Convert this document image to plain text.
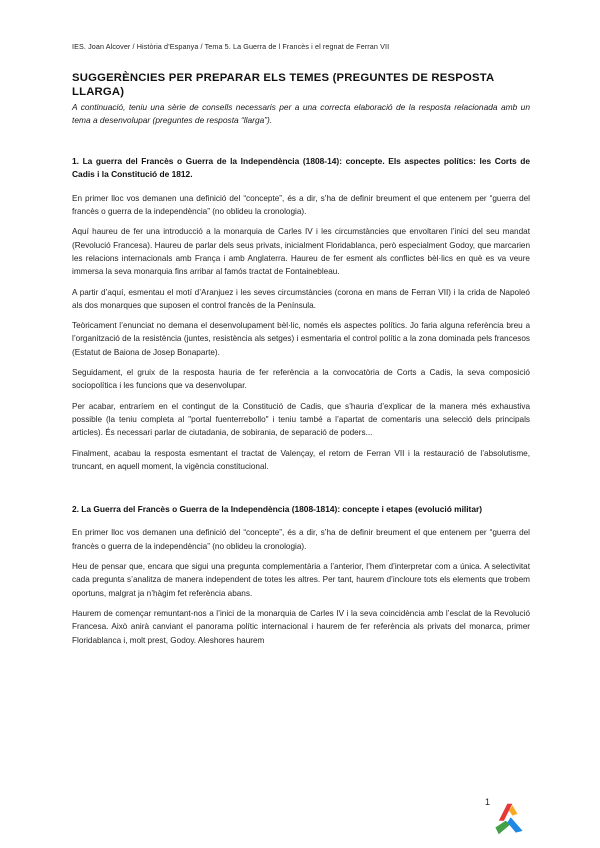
IES. Joan Alcover / Història d’Espanya / Tema 5. La Guerra de l Francès i el regnat de Ferran VII
SUGGERÈNCIES PER PREPARAR ELS TEMES (PREGUNTES DE RESPOSTA LLARGA)

A continuació, teniu una sèrie de consells necessaris per a una correcta elaboració de la resposta relacionada amb un tema a desenvolupar (preguntes de resposta “llarga”).

1. La guerra del Francès o Guerra de la Independència (1808-14): concepte. Els aspectes polítics: les Corts de Cadis i la Constitució de 1812.

En primer lloc vos demanen una definició del “concepte”, és a dir, s’ha de definir breument el que entenem per “guerra del francès o guerra de la independència” (no oblideu la cronologia).

Aquí haureu de fer una introducció a la monarquia de Carles IV i les circumstàncies que envoltaren l’inici del seu mandat (Revolució Francesa). Haureu de parlar dels seus privats, inicialment Floridablanca, però especialment Godoy, que marcarien les relacions internacionals amb França i amb Anglaterra. Haureu de fer esment als conflictes bèl·lics en què es va veure immersa la seva monarquia fins arribar al famós tractat de Fontainebleau.

A partir d’aquí, esmentau el motí d’Aranjuez i les seves circumstàncies (corona en mans de Ferran VII) i la crida de Napoleó als dos monarques que suposen el control francès de la Península.

Teòricament l’enunciat no demana el desenvolupament bèl·lic, només els aspectes polítics. Jo faria alguna referència breu a l’organització de la resistència (juntes, resistència als setges) i esmentaria el control polític a la zona dominada pels francesos (Estatut de Baiona de Josep Bonaparte).

Seguidament, el gruix de la resposta hauria de fer referència a la convocatòria de Corts a Cadis, la seva composició sociopolítica i les funcions que va desenvolupar.

Per acabar, entraríem en el contingut de la Constitució de Cadis, que s’hauria d’explicar de la manera més exhaustiva possible (la teniu completa al "portal fuenterrebollo" i teniu també a l’apartat de comentaris una selecció dels principals articles). És necessari parlar de ciutadania, de sobirania, de separació de poders...

Finalment, acabau la resposta esmentant el tractat de Valençay, el retorn de Ferran VII i la restauració de l’absolutisme, truncant, en aquell moment, la vigència constitucional.

2. La Guerra del Francès o Guerra de la Independència (1808-1814): concepte i etapes (evolució militar)

En primer lloc vos demanen una definició del “concepte”, és a dir, s’ha de definir breument el que entenem per “guerra del francès o guerra de la independència” (no oblideu la cronologia).

Heu de pensar que, encara que sigui una pregunta complementària a l’anterior, l’hem d’interpretar com a única. A selectivitat cada pregunta s’analitza de manera independent de totes les altres. Per tant, haurem d’incloure tots els elements que trobem oportuns, malgrat ja n’hàgim fet referència abans.

Haurem de començar remuntant-nos a l’inici de la monarquia de Carles IV i la seva coincidència amb l’esclat de la Revolució Francesa. Això anirà canviant el panorama polític internacional i haurem de fer referència als privats del monarca, primer Floridablanca i, molt prest, Godoy. Aleshores haurem

1
